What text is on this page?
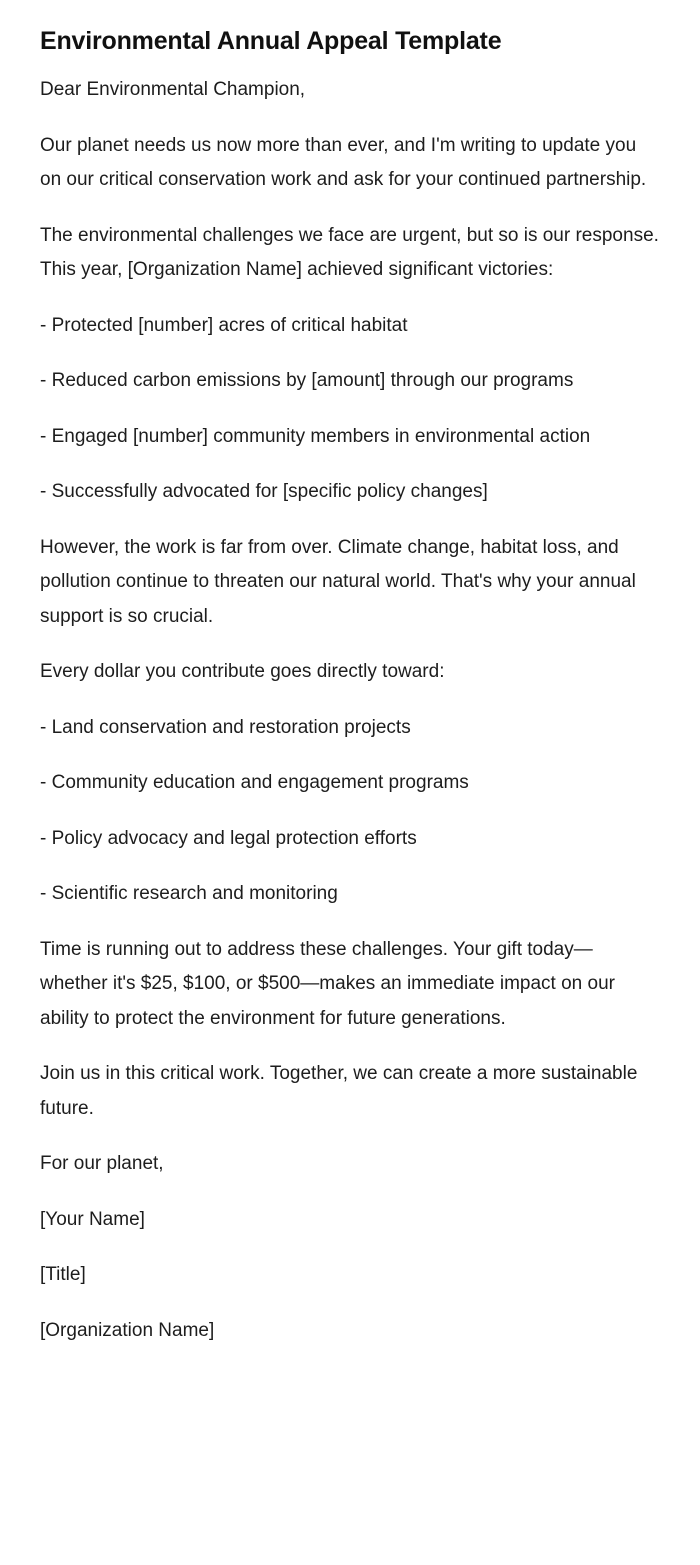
Environmental Annual Appeal Template

Dear Environmental Champion,

Our planet needs us now more than ever, and I'm writing to update you on our critical conservation work and ask for your continued partnership.

The environmental challenges we face are urgent, but so is our response. This year, [Organization Name] achieved significant victories:

- Protected [number] acres of critical habitat

- Reduced carbon emissions by [amount] through our programs

- Engaged [number] community members in environmental action

- Successfully advocated for [specific policy changes]

However, the work is far from over. Climate change, habitat loss, and pollution continue to threaten our natural world. That's why your annual support is so crucial.

Every dollar you contribute goes directly toward:

- Land conservation and restoration projects

- Community education and engagement programs

- Policy advocacy and legal protection efforts

- Scientific research and monitoring

Time is running out to address these challenges. Your gift today—whether it's $25, $100, or $500—makes an immediate impact on our ability to protect the environment for future generations.

Join us in this critical work. Together, we can create a more sustainable future.

For our planet,

[Your Name]

[Title]

[Organization Name]
